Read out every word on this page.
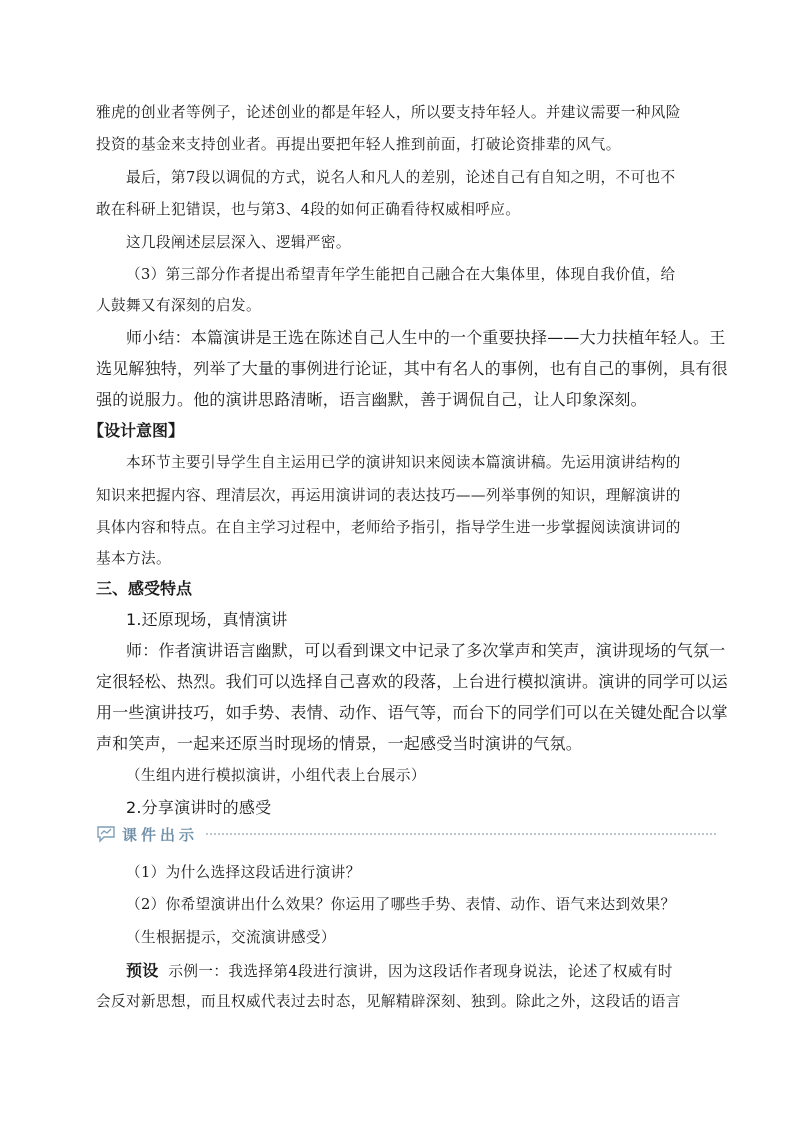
雅虎的创业者等例子，论述创业的都是年轻人，所以要支持年轻人。并建议需要一种风险
投资的基金来支持创业者。再提出要把年轻人推到前面，打破论资排辈的风气。
最后，第7段以调侃的方式，说名人和凡人的差别，论述自己有自知之明，不可也不
敢在科研上犯错误，也与第3、4段的如何正确看待权威相呼应。
这几段阐述层层深入、逻辑严密。
（3）第三部分作者提出希望青年学生能把自己融合在大集体里，体现自我价值，给
人鼓舞又有深刻的启发。
师小结：本篇演讲是王选在陈述自己人生中的一个重要抉择——大力扶植年轻人。王
选见解独特，列举了大量的事例进行论证，其中有名人的事例，也有自己的事例，具有很
强的说服力。他的演讲思路清晰，语言幽默，善于调侃自己，让人印象深刻。
【设计意图】
本环节主要引导学生自主运用已学的演讲知识来阅读本篇演讲稿。先运用演讲结构的
知识来把握内容、理清层次，再运用演讲词的表达技巧——列举事例的知识，理解演讲的
具体内容和特点。在自主学习过程中，老师给予指引，指导学生进一步掌握阅读演讲词的
基本方法。
三、感受特点
1.还原现场，真情演讲
师：作者演讲语言幽默，可以看到课文中记录了多次掌声和笑声，演讲现场的气氛一
定很轻松、热烈。我们可以选择自己喜欢的段落，上台进行模拟演讲。演讲的同学可以运
用一些演讲技巧，如手势、表情、动作、语气等，而台下的同学们可以在关键处配合以掌
声和笑声，一起来还原当时现场的情景，一起感受当时演讲的气氛。
（生组内进行模拟演讲，小组代表上台展示）
2.分享演讲时的感受
课件出示
（1）为什么选择这段话进行演讲？
（2）你希望演讲出什么效果？你运用了哪些手势、表情、动作、语气来达到效果？
（生根据提示，交流演讲感受）
预设 示例一：我选择第4段进行演讲，因为这段话作者现身说法，论述了权威有时
会反对新思想，而且权威代表过去时态，见解精辟深刻、独到。除此之外，这段话的语言
